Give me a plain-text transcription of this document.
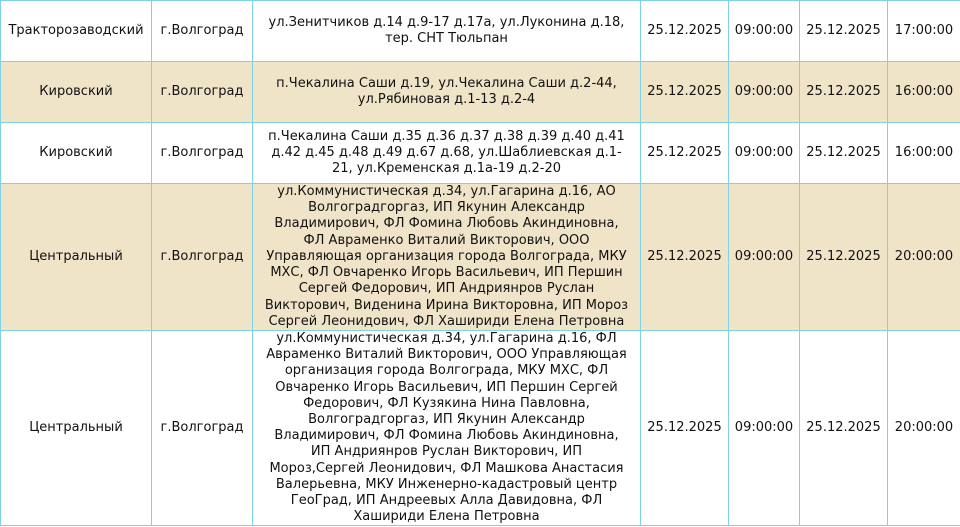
Тракторозаводский	г.Волгоград	ул.Зенитчиков д.14 д.9-17 д.17а, ул.Луконина д.18, тер. СНТ Тюльпан	25.12.2025	09:00:00	25.12.2025	17:00:00
Кировский	г.Волгоград	п.Чекалина Саши д.19, ул.Чекалина Саши д.2-44, ул.Рябиновая д.1-13 д.2-4	25.12.2025	09:00:00	25.12.2025	16:00:00
Кировский	г.Волгоград	п.Чекалина Саши д.35 д.36 д.37 д.38 д.39 д.40 д.41 д.42 д.45 д.48 д.49 д.67 д.68, ул.Шаблиевская д.1-21, ул.Кременская д.1а-19 д.2-20	25.12.2025	09:00:00	25.12.2025	16:00:00
Центральный	г.Волгоград	ул.Коммунистическая д.34, ул.Гагарина д.16, АО Волгоградгоргаз, ИП Якунин Александр Владимирович, ФЛ Фомина Любовь Акиндиновна, ФЛ Авраменко Виталий Викторович, ООО Управляющая организация города Волгограда, МКУ МХС, ФЛ Овчаренко Игорь Васильевич, ИП Першин Сергей Федорович, ИП Андриянров Руслан Викторович, Виденина Ирина Викторовна, ИП Мороз Сергей Леонидович, ФЛ Хашириди Елена Петровна	25.12.2025	09:00:00	25.12.2025	20:00:00
Центральный	г.Волгоград	ул.Коммунистическая д.34, ул.Гагарина д.16, ФЛ Авраменко Виталий Викторович, ООО Управляющая организация города Волгограда, МКУ МХС, ФЛ Овчаренко Игорь Васильевич, ИП Першин Сергей Федорович, ФЛ Кузякина Нина Павловна, Волгоградгоргаз, ИП Якунин Александр Владимирович, ФЛ Фомина Любовь Акиндиновна, ИП Андриянров Руслан Викторович, ИП Мороз,Сергей Леонидович, ФЛ Машкова Анастасия Валерьевна, МКУ Инженерно-кадастровый центр ГеоГрад, ИП Андреевых Алла Давидовна, ФЛ Хашириди Елена Петровна	25.12.2025	09:00:00	25.12.2025	20:00:00
